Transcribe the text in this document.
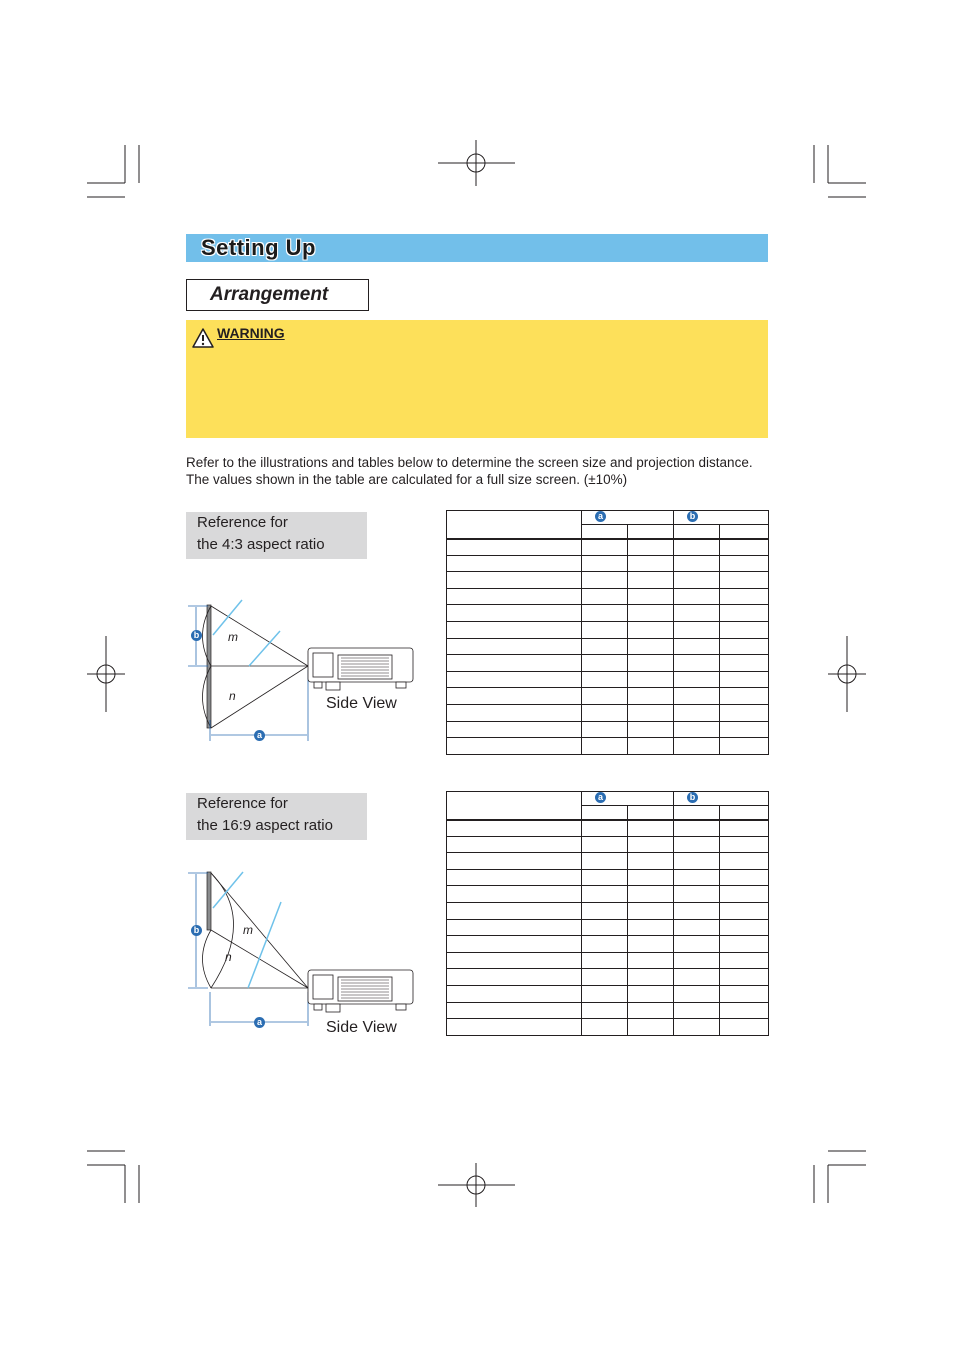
Setting Up
Arrangement
WARNING
Refer to the illustrations and tables below to determine the screen size and projection distance. The values shown in the table are calculated for a full size screen. (±10%)
Reference for
the 4:3 aspect ratio
b
a
m
n	Side View
	a		b	

Reference for
the 16:9 aspect ratio
b
a
m
n
Side View
	a		b	
